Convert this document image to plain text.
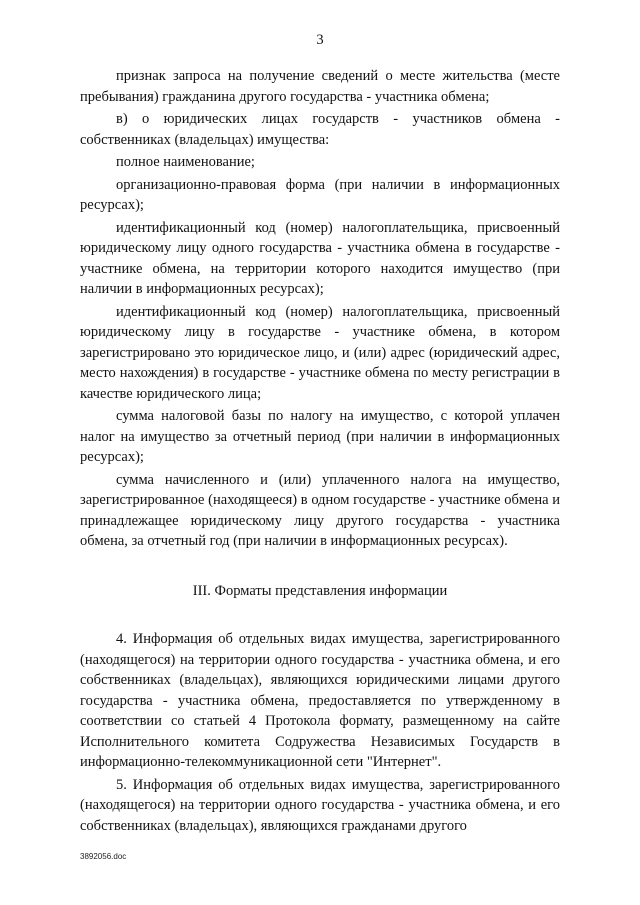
3

признак запроса на получение сведений о месте жительства (месте пребывания) гражданина другого государства - участника обмена;

в) о юридических лицах государств - участников обмена - собственниках (владельцах) имущества:

полное наименование;

организационно-правовая форма (при наличии в информационных ресурсах);

идентификационный код (номер) налогоплательщика, присвоенный юридическому лицу одного государства - участника обмена в государстве - участнике обмена, на территории которого находится имущество (при наличии в информационных ресурсах);

идентификационный код (номер) налогоплательщика, присвоенный юридическому лицу в государстве - участнике обмена, в котором зарегистрировано это юридическое лицо, и (или) адрес (юридический адрес, место нахождения) в государстве - участнике обмена по месту регистрации в качестве юридического лица;

сумма налоговой базы по налогу на имущество, с которой уплачен налог на имущество за отчетный период (при наличии в информационных ресурсах);

сумма начисленного и (или) уплаченного налога на имущество, зарегистрированное (находящееся) в одном государстве - участнике обмена и принадлежащее юридическому лицу другого государства - участника обмена, за отчетный год (при наличии в информационных ресурсах).

III. Форматы представления информации

4. Информация об отдельных видах имущества, зарегистрированного (находящегося) на территории одного государства - участника обмена, и его собственниках (владельцах), являющихся юридическими лицами другого государства - участника обмена, предоставляется по утвержденному в соответствии со статьей 4 Протокола формату, размещенному на сайте Исполнительного комитета Содружества Независимых Государств в информационно-телекоммуникационной сети "Интернет".

5. Информация об отдельных видах имущества, зарегистрированного (находящегося) на территории одного государства - участника обмена, и его собственниках (владельцах), являющихся гражданами другого

3892056.doc
